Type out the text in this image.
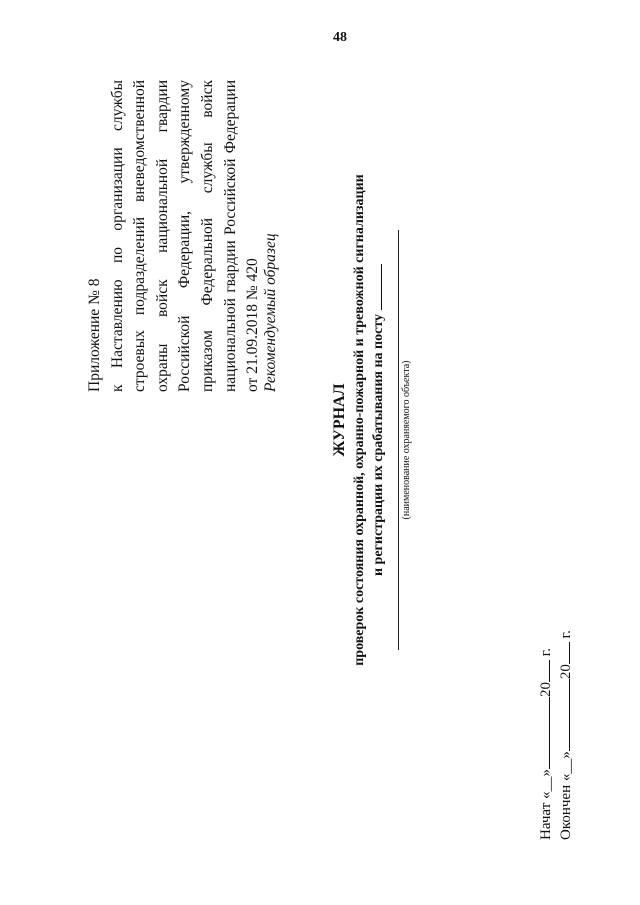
48

Приложение № 8 к Наставлению по организации службы строевых подразделений вневедомственной охраны войск национальной гвардии Российской Федерации, утвержденному приказом Федеральной службы войск национальной гвардии Российской Федерации от 21.09.2018 № 420 Рекомендуемый образец
ЖУРНАЛ проверок состояния охранной, охранно-пожарной и тревожной сигнализации и регистрации их срабатывания на посту (наименование охраняемого объекта)
Начат «__»20 г.
Окончен «__»20 г.
